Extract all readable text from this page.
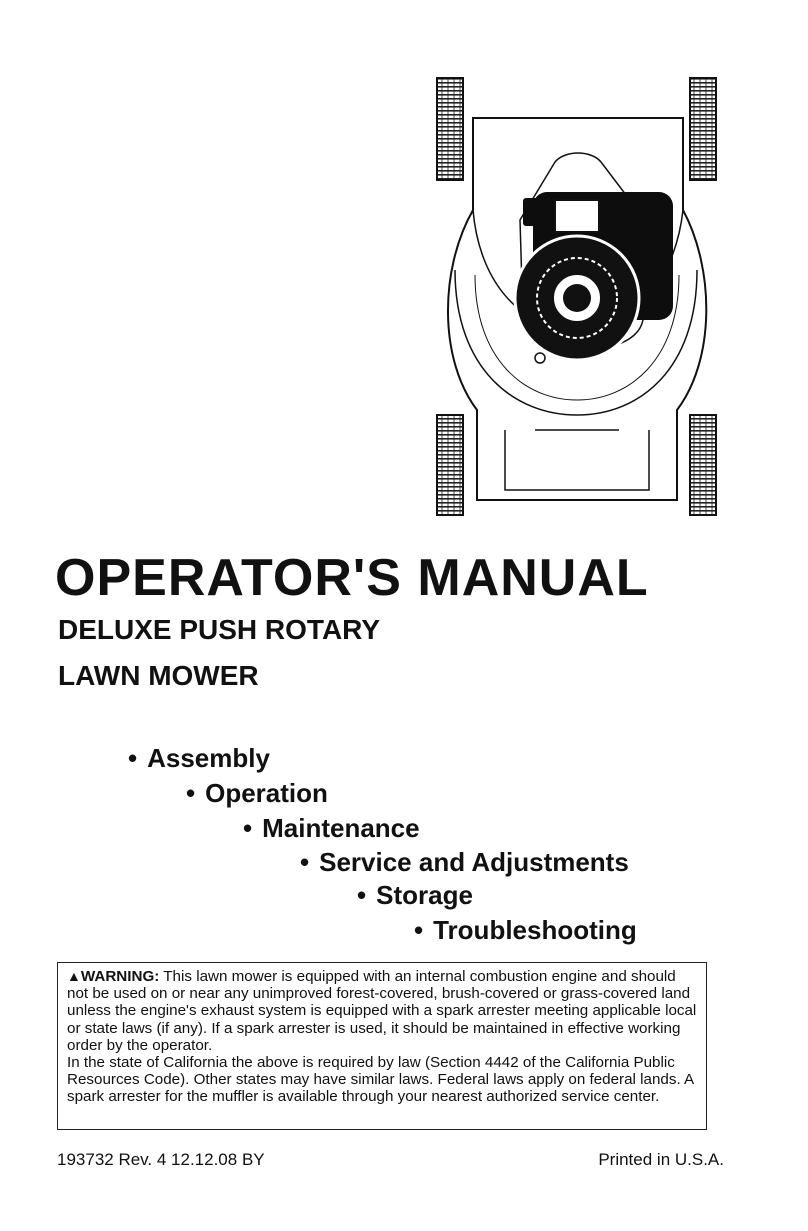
OPERATOR'S MANUAL
DELUXE PUSH ROTARY
LAWN MOWER
• Assembly
• Operation
• Maintenance
• Service and Adjustments
• Storage
• Troubleshooting

▲WARNING: This lawn mower is equipped with an internal combustion engine and should not be used on or near any unimproved forest-covered, brush-covered or grass-covered land unless the engine's exhaust system is equipped with a spark arrester meeting applicable local or state laws (if any). If a spark arrester is used, it should be maintained in effective working order by the operator.

In the state of California the above is required by law (Section 4442 of the California Public Resources Code). Other states may have similar laws. Federal laws apply on federal lands. A spark arrester for the muffler is available through your nearest authorized service center.

193732 Rev. 4 12.12.08 BY	Printed in U.S.A.
